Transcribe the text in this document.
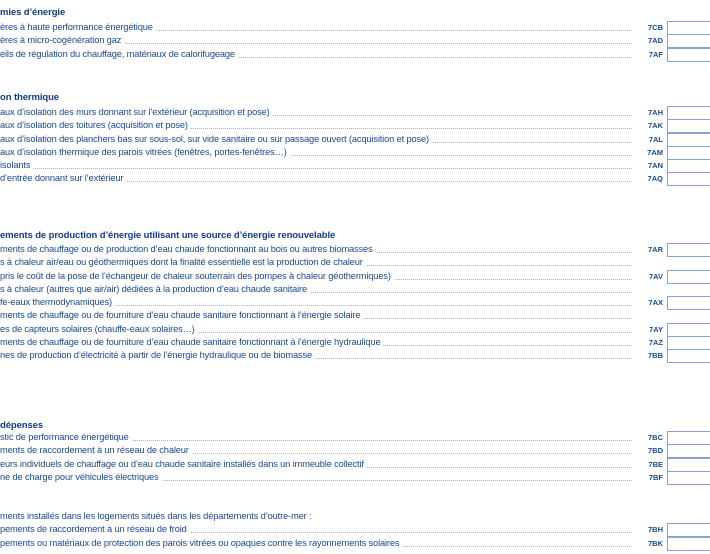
mies d’énergie
ères à haute performance énergétique	7CB
ères à micro-cogénération gaz	7AD
eils de régulation du chauffage, matériaux de calorifugeage	7AF
on thermique
aux d’isolation des murs donnant sur l’extérieur (acquisition et pose)	7AH
aux d’isolation des toitures (acquisition et pose)	7AK
aux d’isolation des planchers bas sur sous-sol, sur vide sanitaire ou sur passage ouvert (acquisition et pose)	7AL
aux d’isolation thermique des parois vitrées (fenêtres, portes-fenêtres…)	7AM
isolants	7AN
d’entrée donnant sur l’extérieur	7AQ
ements de production d’énergie utilisant une source d’énergie renouvelable
ments de chauffage ou de production d’eau chaude fonctionnant au bois ou autres biomasses	7AR
s à chaleur air/eau ou géothermiques dont la finalité essentielle est la production de chaleur
pris le coût de la pose de l’échangeur de chaleur souterrain des pompes à chaleur géothermiques)	7AV
s à chaleur (autres que air/air) dédiées à la production d’eau chaude sanitaire
fe-eaux thermodynamiques)	7AX
ments de chauffage ou de fourniture d’eau chaude sanitaire fonctionnant à l’énergie solaire
es de capteurs solaires (chauffe-eaux solaires…)	7AY
ments de chauffage ou de fourniture d’eau chaude sanitaire fonctionnant à l’énergie hydraulique	7AZ
nes de production d’électricité à partir de l’énergie hydraulique ou de biomasse	7BB
dépenses
stic de performance énergétique	7BC
ments de raccordement à un réseau de chaleur	7BD
eurs individuels de chauffage ou d’eau chaude sanitaire installés dans un immeuble collectif	7BE
ne de charge pour véhicules électriques	7BF
ments installés dans les logements situés dans les départements d’outre-mer :
pements de raccordement à un réseau de froid	7BH
pements ou matériaux de protection des parois vitrées ou opaques contre les rayonnements solaires	7BK
